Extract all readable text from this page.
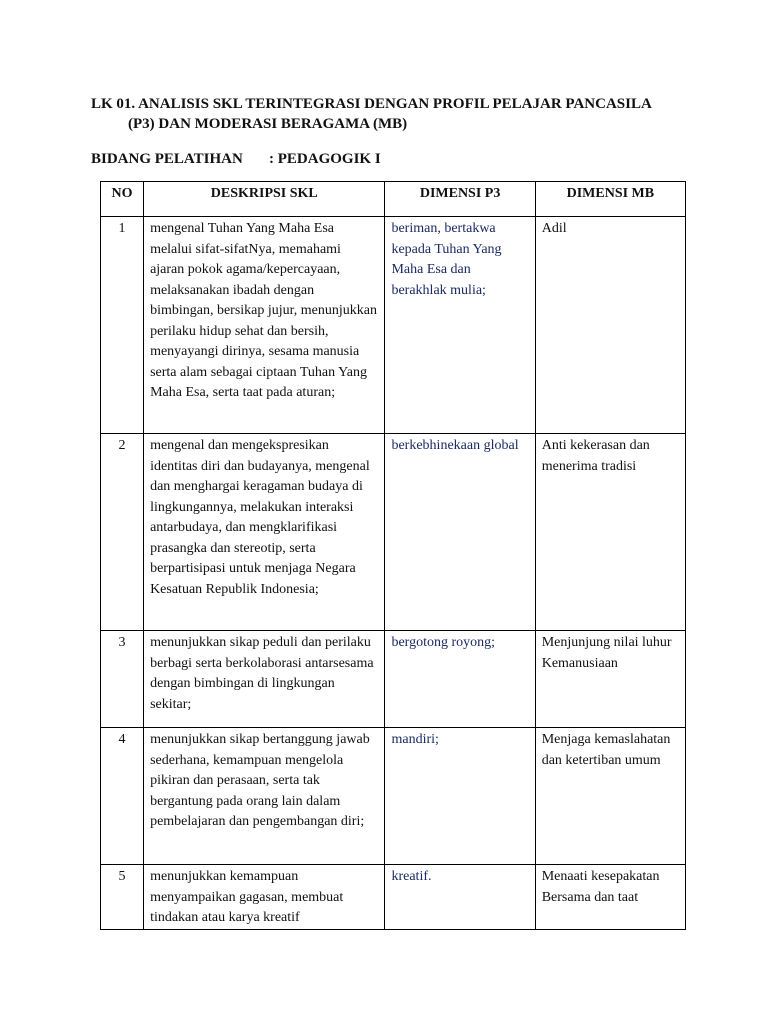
LK 01. ANALISIS SKL TERINTEGRASI DENGAN PROFIL PELAJAR PANCASILA
(P3) DAN MODERASI BERAGAMA (MB)
BIDANG PELATIHAN : PEDAGOGIK I
NO	DESKRIPSI SKL	DIMENSI P3	DIMENSI MB
1	mengenal Tuhan Yang Maha Esa melalui sifat-sifatNya, memahami ajaran pokok agama/kepercayaan, melaksanakan ibadah dengan bimbingan, bersikap jujur, menunjukkan perilaku hidup sehat dan bersih, menyayangi dirinya, sesama manusia serta alam sebagai ciptaan Tuhan Yang Maha Esa, serta taat pada aturan;	beriman, bertakwa kepada Tuhan Yang Maha Esa dan berakhlak mulia;	Adil
2	mengenal dan mengekspresikan identitas diri dan budayanya, mengenal dan menghargai keragaman budaya di lingkungannya, melakukan interaksi antarbudaya, dan mengklarifikasi prasangka dan stereotip, serta berpartisipasi untuk menjaga Negara Kesatuan Republik Indonesia;	berkebhinekaan global	Anti kekerasan dan menerima tradisi
3	menunjukkan sikap peduli dan perilaku berbagi serta berkolaborasi antarsesama dengan bimbingan di lingkungan sekitar;	bergotong royong;	Menjunjung nilai luhur Kemanusiaan
4	menunjukkan sikap bertanggung jawab sederhana, kemampuan mengelola pikiran dan perasaan, serta tak bergantung pada orang lain dalam pembelajaran dan pengembangan diri;	mandiri;	Menjaga kemaslahatan dan ketertiban umum
5	menunjukkan kemampuan menyampaikan gagasan, membuat tindakan atau karya kreatif	kreatif.	Menaati kesepakatan Bersama dan taat
